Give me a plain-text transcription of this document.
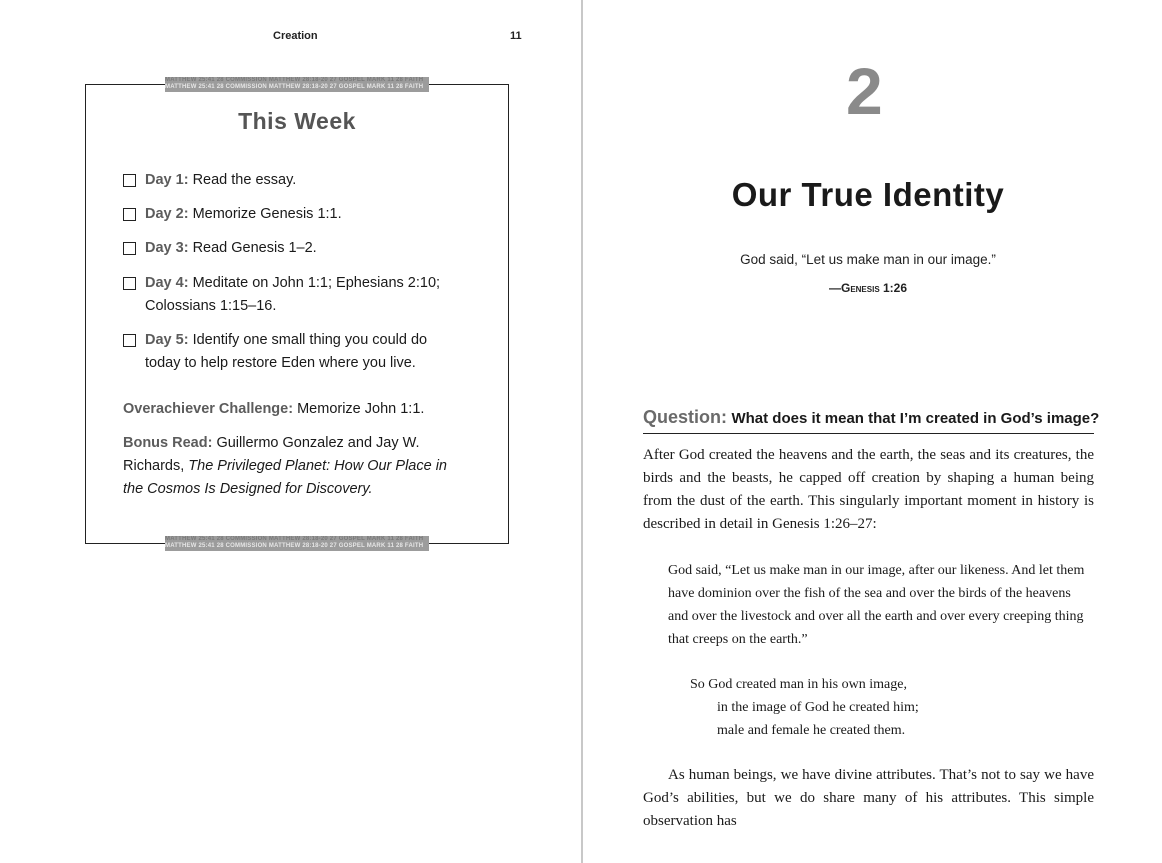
Creation	11
MATTHEW 25:41 28 COMMISSION MATTHEW 28:18-20 27 GOSPEL MARK 11 28 FAITH
MATTHEW 25:41 28 COMMISSION MATTHEW 28:18-20 27 GOSPEL MARK 11 28 FAITH
MATTHEW 25:41 28 COMMISSION MATTHEW 28:18-20 27 GOSPEL MARK 11 28 FAITH
MATTHEW 25:41 28 COMMISSION MATTHEW 28:18-20 27 GOSPEL MARK 11 28 FAITH
This Week
Day 1: Read the essay.
Day 2: Memorize Genesis 1:1.
Day 3: Read Genesis 1–2.
Day 4: Meditate on John 1:1; Ephesians 2:10; Colossians 1:15–16.
Day 5: Identify one small thing you could do today to help restore Eden where you live.
Overachiever Challenge: Memorize John 1:1.
Bonus Read: Guillermo Gonzalez and Jay W. Richards, The Privileged Planet: How Our Place in the Cosmos Is Designed for Discovery.
2
Our True Identity
God said, “Let us make man in our image.”
—Genesis 1:26
Question: What does it mean that I’m created in God’s image?
After God created the heavens and the earth, the seas and its creatures, the birds and the beasts, he capped off creation by shaping a human being from the dust of the earth. This singularly important moment in history is described in detail in Genesis 1:26–27:
God said, “Let us make man in our image, after our likeness. And let them have dominion over the fish of the sea and over the birds of the heavens and over the livestock and over all the earth and over every creeping thing that creeps on the earth.”
So God created man in his own image,
in the image of God he created him;
male and female he created them.
As human beings, we have divine attributes. That’s not to say we have God’s abilities, but we do share many of his attributes. This simple observation has
